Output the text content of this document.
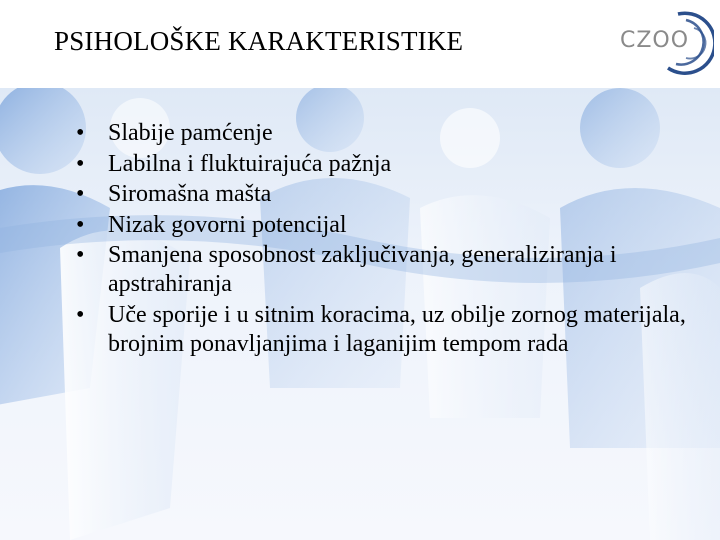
PSIHOLOŠKE KARAKTERISTIKE	CZOO
• Slabije pamćenje
• Labilna i fluktuirajuća pažnja
• Siromašna mašta
• Nizak govorni potencijal
• Smanjena sposobnost zaključivanja, generaliziranja i apstrahiranja
• Uče sporije i u sitnim koracima, uz obilje zornog materijala, brojnim ponavljanjima i laganijim tempom rada
